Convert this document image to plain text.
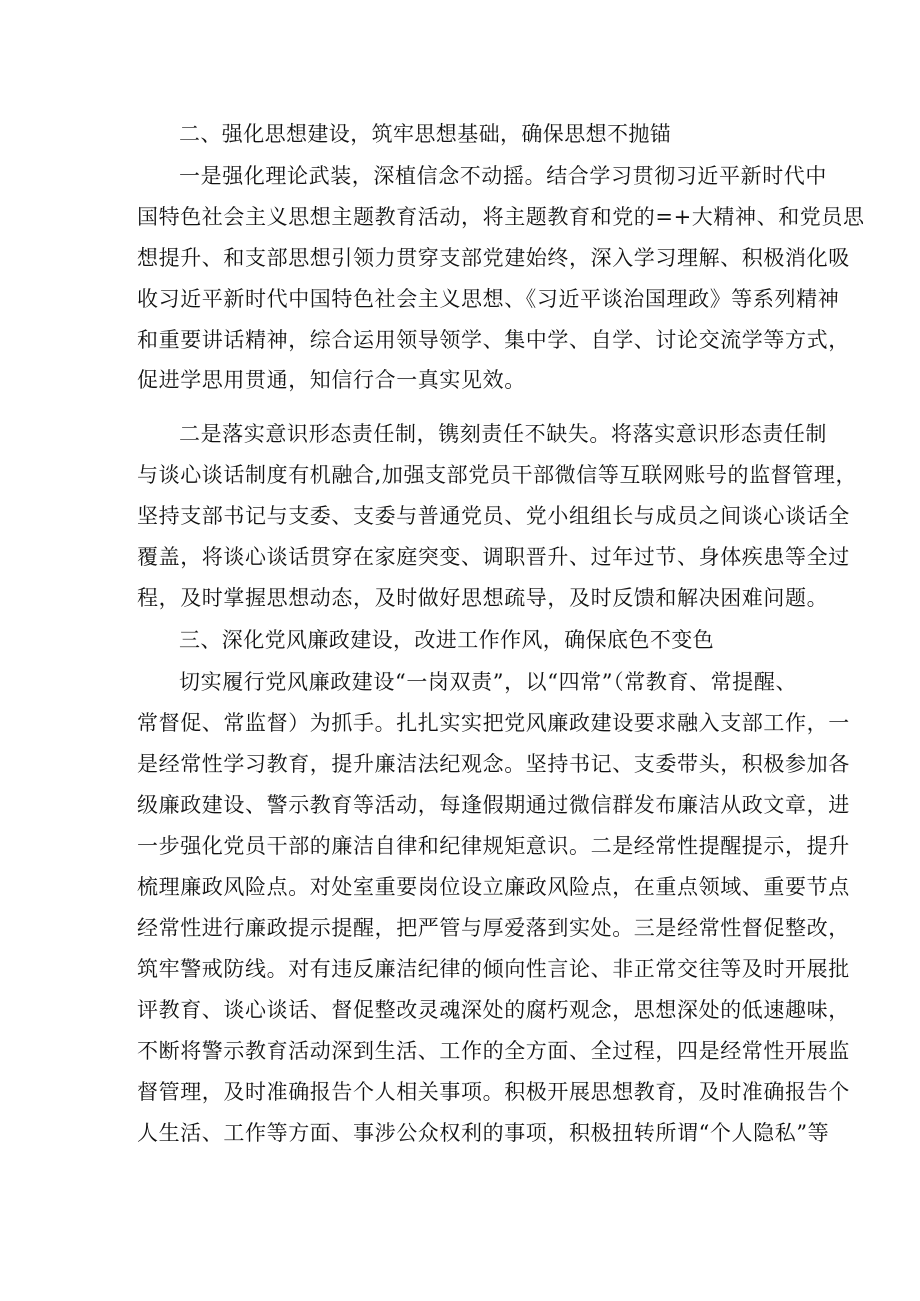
二、强化思想建设，筑牢思想基础，确保思想不抛锚
一是强化理论武装，深植信念不动摇。结合学习贯彻习近平新时代中
国特色社会主义思想主题教育活动，将主题教育和党的=+大精神、和党员思
想提升、和支部思想引领力贯穿支部党建始终，深入学习理解、积极消化吸
收习近平新时代中国特色社会主义思想、《习近平谈治国理政》等系列精神
和重要讲话精神，综合运用领导领学、集中学、自学、讨论交流学等方式，
促进学思用贯通，知信行合一真实见效。
二是落实意识形态责任制，镌刻责任不缺失。将落实意识形态责任制
与谈心谈话制度有机融合,加强支部党员干部微信等互联网账号的监督管理，
坚持支部书记与支委、支委与普通党员、党小组组长与成员之间谈心谈话全
覆盖，将谈心谈话贯穿在家庭突变、调职晋升、过年过节、身体疾患等全过
程，及时掌握思想动态，及时做好思想疏导，及时反馈和解决困难问题。
三、深化党风廉政建设，改进工作作风，确保底色不变色
切实履行党风廉政建设“一岗双责”，以“四常”（常教育、常提醒、
常督促、常监督）为抓手。扎扎实实把党风廉政建设要求融入支部工作，一
是经常性学习教育，提升廉洁法纪观念。坚持书记、支委带头，积极参加各
级廉政建设、警示教育等活动，每逢假期通过微信群发布廉洁从政文章，进
一步强化党员干部的廉洁自律和纪律规矩意识。二是经常性提醒提示，提升
梳理廉政风险点。对处室重要岗位设立廉政风险点，在重点领域、重要节点
经常性进行廉政提示提醒，把严管与厚爱落到实处。三是经常性督促整改，
筑牢警戒防线。对有违反廉洁纪律的倾向性言论、非正常交往等及时开展批
评教育、谈心谈话、督促整改灵魂深处的腐朽观念，思想深处的低速趣味，
不断将警示教育活动深到生活、工作的全方面、全过程，四是经常性开展监
督管理，及时准确报告个人相关事项。积极开展思想教育，及时准确报告个
人生活、工作等方面、事涉公众权利的事项，积极扭转所谓“个人隐私”等
